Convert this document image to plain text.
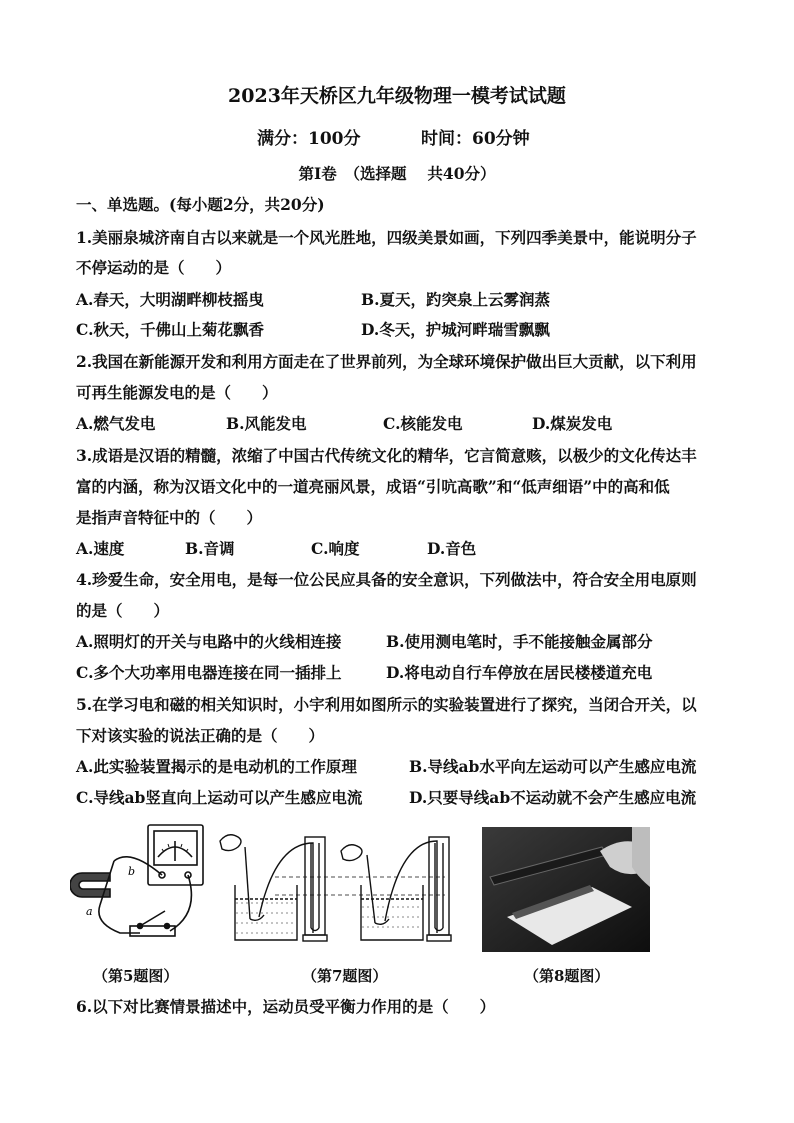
2023年天桥区九年级物理一模考试试题
满分：100分	时间：60分钟
第Ⅰ卷　（选择题　 共40分）
一、单选题。(每小题2分，共20分)
1.美丽泉城济南自古以来就是一个风光胜地，四级美景如画，下列四季美景中，能说明分子
不停运动的是（　　）
A.春天，大明湖畔柳枝摇曳	B.夏天，趵突泉上云雾润蒸
C.秋天，千佛山上菊花飘香	D.冬天，护城河畔瑞雪飘飘
2.我国在新能源开发和利用方面走在了世界前列，为全球环境保护做出巨大贡献，以下利用
可再生能源发电的是（　　）
A.燃气发电	B.风能发电	C.核能发电	D.煤炭发电
3.成语是汉语的精髓，浓缩了中国古代传统文化的精华，它言简意赅，以极少的文化传达丰
富的内涵，称为汉语文化中的一道亮丽风景，成语“引吭高歌”和“低声细语”中的高和低
是指声音特征中的（　　）
A.速度	B.音调	C.响度	D.音色
4.珍爱生命，安全用电，是每一位公民应具备的安全意识，下列做法中，符合安全用电原则
的是（　　）
A.照明灯的开关与电路中的火线相连接	B.使用测电笔时，手不能接触金属部分
C.多个大功率用电器连接在同一插排上	D.将电动自行车停放在居民楼楼道充电
5.在学习电和磁的相关知识时，小宇利用如图所示的实验装置进行了探究，当闭合开关，以
下对该实验的说法正确的是（　　）
A.此实验装置揭示的是电动机的工作原理	B.导线ab水平向左运动可以产生感应电流
C.导线ab竖直向上运动可以产生感应电流	D.只要导线ab不运动就不会产生感应电流
b
a
（第5题图）	（第7题图）	（第8题图）
6.以下对比赛情景描述中，运动员受平衡力作用的是（　　）
